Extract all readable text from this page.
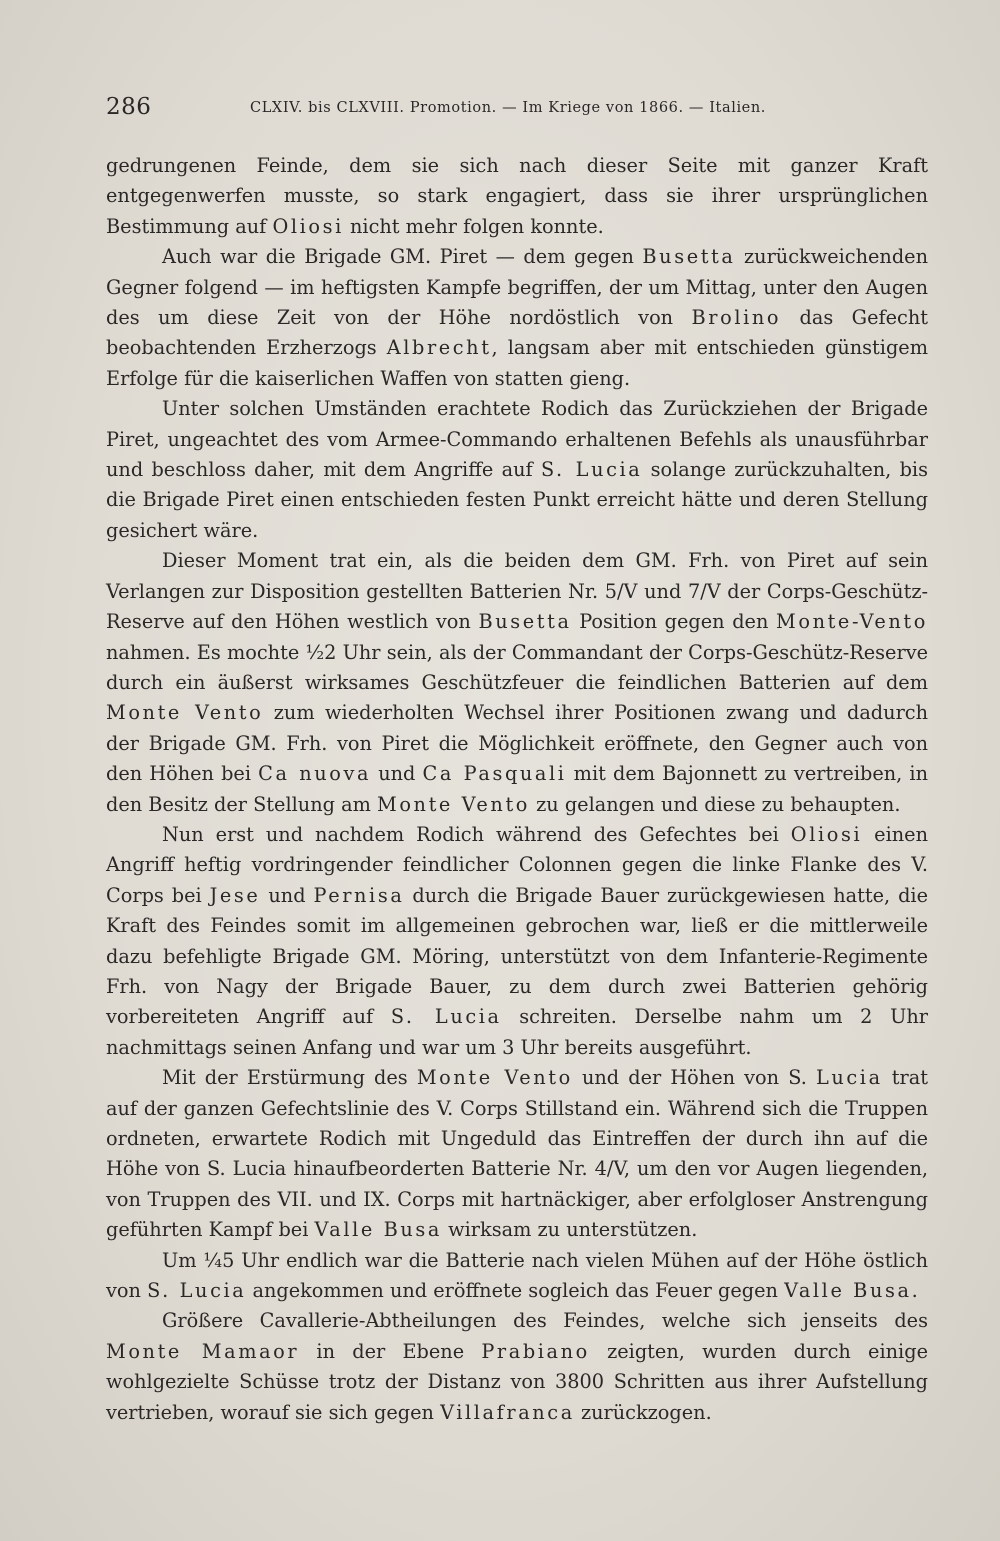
286	CLXIV. bis CLXVIII. Promotion. — Im Kriege von 1866. — Italien.

gedrungenen Feinde, dem sie sich nach dieser Seite mit ganzer Kraft entgegenwerfen musste, so stark engagiert, dass sie ihrer ursprünglichen Bestimmung auf Oliosi nicht mehr folgen konnte.

Auch war die Brigade GM. Piret — dem gegen Busetta zurückweichenden Gegner folgend — im heftigsten Kampfe begriffen, der um Mittag, unter den Augen des um diese Zeit von der Höhe nordöstlich von Brolino das Gefecht beobachtenden Erzherzogs Albrecht, langsam aber mit entschieden günstigem Erfolge für die kaiserlichen Waffen von statten gieng.

Unter solchen Umständen erachtete Rodich das Zurückziehen der Brigade Piret, ungeachtet des vom Armee-Commando erhaltenen Befehls als unausführbar und beschloss daher, mit dem Angriffe auf S. Lucia solange zurückzuhalten, bis die Brigade Piret einen entschieden festen Punkt erreicht hätte und deren Stellung gesichert wäre.

Dieser Moment trat ein, als die beiden dem GM. Frh. von Piret auf sein Verlangen zur Disposition gestellten Batterien Nr. 5/V und 7/V der Corps-Geschütz-Reserve auf den Höhen westlich von Busetta Position gegen den Monte-Vento nahmen. Es mochte ½2 Uhr sein, als der Commandant der Corps-Geschütz-Reserve durch ein äußerst wirksames Geschützfeuer die feindlichen Batterien auf dem Monte Vento zum wiederholten Wechsel ihrer Positionen zwang und dadurch der Brigade GM. Frh. von Piret die Möglichkeit eröffnete, den Gegner auch von den Höhen bei Ca nuova und Ca Pasquali mit dem Bajonnett zu vertreiben, in den Besitz der Stellung am Monte Vento zu gelangen und diese zu behaupten.

Nun erst und nachdem Rodich während des Gefechtes bei Oliosi einen Angriff heftig vordringender feindlicher Colonnen gegen die linke Flanke des V. Corps bei Jese und Pernisa durch die Brigade Bauer zurückgewiesen hatte, die Kraft des Feindes somit im allgemeinen gebrochen war, ließ er die mittlerweile dazu befehligte Brigade GM. Möring, unterstützt von dem Infanterie-Regimente Frh. von Nagy der Brigade Bauer, zu dem durch zwei Batterien gehörig vorbereiteten Angriff auf S. Lucia schreiten. Derselbe nahm um 2 Uhr nachmittags seinen Anfang und war um 3 Uhr bereits ausgeführt.

Mit der Erstürmung des Monte Vento und der Höhen von S. Lucia trat auf der ganzen Gefechtslinie des V. Corps Stillstand ein. Während sich die Truppen ordneten, erwartete Rodich mit Ungeduld das Eintreffen der durch ihn auf die Höhe von S. Lucia hinaufbeorderten Batterie Nr. 4/V, um den vor Augen liegenden, von Truppen des VII. und IX. Corps mit hartnäckiger, aber erfolgloser Anstrengung geführten Kampf bei Valle Busa wirksam zu unterstützen.

Um ¼5 Uhr endlich war die Batterie nach vielen Mühen auf der Höhe östlich von S. Lucia angekommen und eröffnete sogleich das Feuer gegen Valle Busa.

Größere Cavallerie-Abtheilungen des Feindes, welche sich jenseits des Monte Mamaor in der Ebene Prabiano zeigten, wurden durch einige wohlgezielte Schüsse trotz der Distanz von 3800 Schritten aus ihrer Aufstellung vertrieben, worauf sie sich gegen Villafranca zurückzogen.
